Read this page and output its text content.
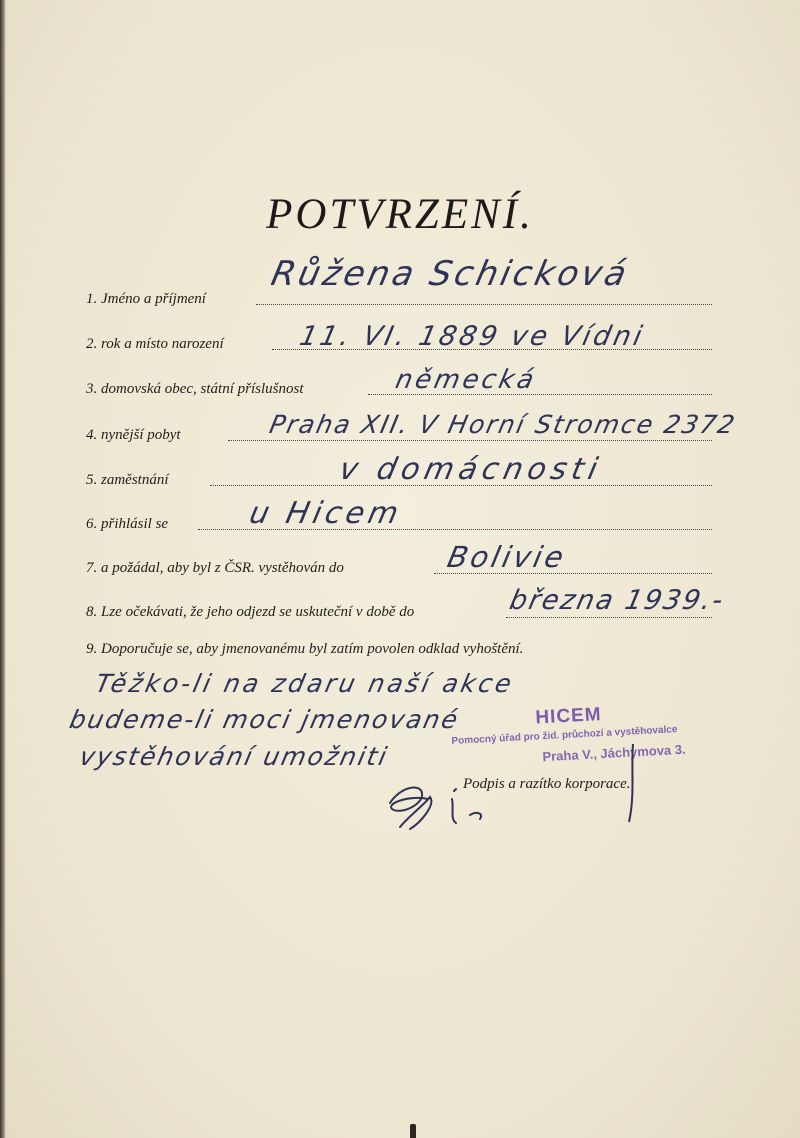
POTVRZENÍ.
1. Jméno a příjmení
Růžena Schicková
2. rok a místo narození	11. VI. 1889 ve Vídni
3. domovská obec, státní příslušnost	německá
4. nynější pobyt	Praha XII. V Horní Stromce 2372
5. zaměstnání	v domácnosti
6. přihlásil se	u Hicem
7. a požádal, aby byl z ČSR. vystěhován do	Bolivie
8. Lze očekávati, že jeho odjezd se uskuteční v době do	března 1939.-
9. Doporučuje se, aby jmenovanému byl zatím povolen odklad vyhoštění.
Těžko-li na zdaru naší akce
budeme-li moci jmenované
vystěhování umožniti
HICEM
Pomocný úřad pro žid. průchozí a vystěhovalce
Praha V., Jáchymova 3.
Podpis a razítko korporace.
